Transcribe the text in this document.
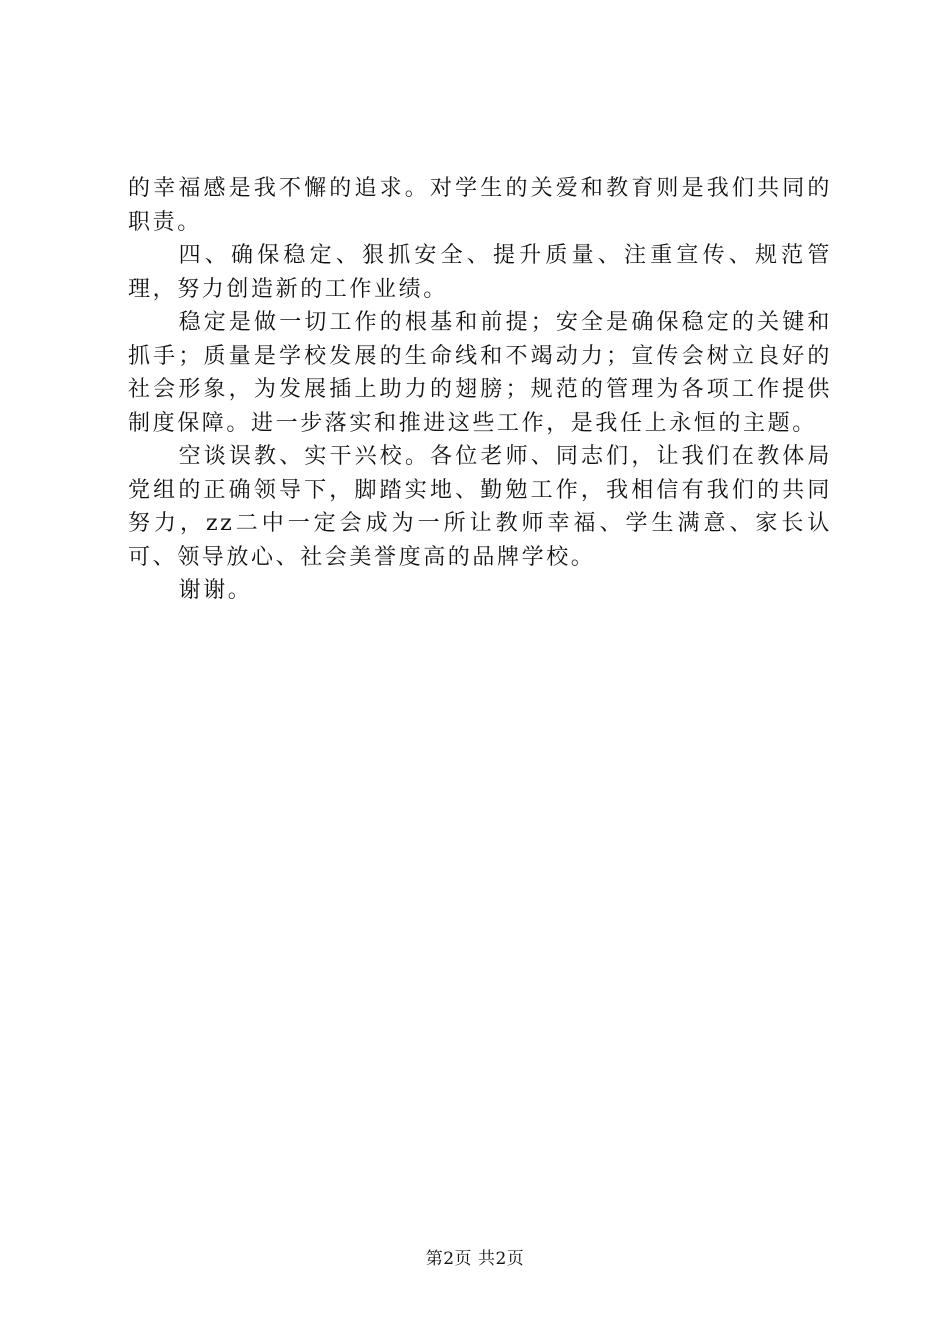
的幸福感是我不懈的追求。对学生的关爱和教育则是我们共同的职责。

四、确保稳定、狠抓安全、提升质量、注重宣传、规范管理，努力创造新的工作业绩。

稳定是做一切工作的根基和前提；安全是确保稳定的关键和抓手；质量是学校发展的生命线和不竭动力；宣传会树立良好的社会形象，为发展插上助力的翅膀；规范的管理为各项工作提供制度保障。进一步落实和推进这些工作，是我任上永恒的主题。

空谈误教、实干兴校。各位老师、同志们，让我们在教体局党组的正确领导下，脚踏实地、勤勉工作，我相信有我们的共同努力，zz二中一定会成为一所让教师幸福、学生满意、家长认可、领导放心、社会美誉度高的品牌学校。

谢谢。

第2页 共2页
